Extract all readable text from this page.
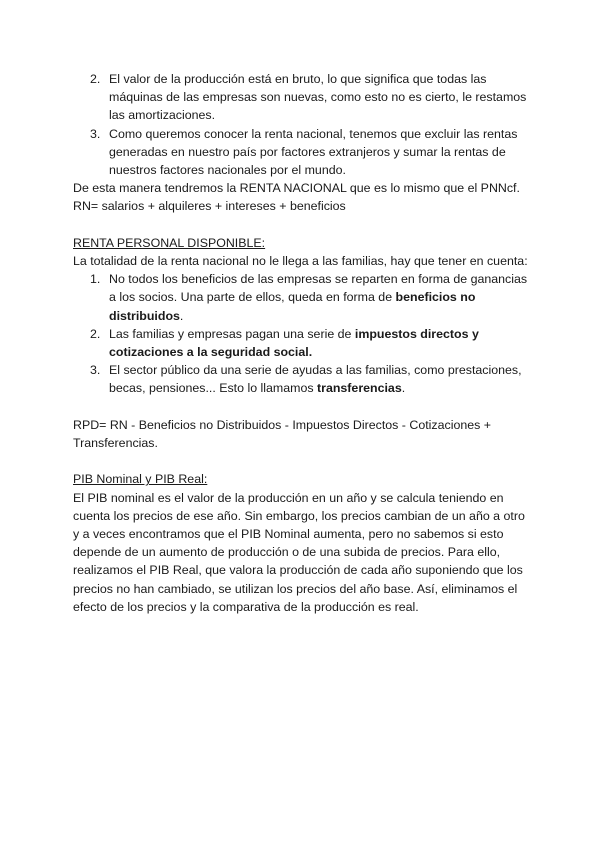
2. El valor de la producción está en bruto, lo que significa que todas las máquinas de las empresas son nuevas, como esto no es cierto, le restamos las amortizaciones.
3. Como queremos conocer la renta nacional, tenemos que excluir las rentas generadas en nuestro país por factores extranjeros y sumar la rentas de nuestros factores nacionales por el mundo.

De esta manera tendremos la RENTA NACIONAL que es lo mismo que el PNNcf.

RN= salarios + alquileres + intereses + beneficios

RENTA PERSONAL DISPONIBLE:

La totalidad de la renta nacional no le llega a las familias, hay que tener en cuenta:

1. No todos los beneficios de las empresas se reparten en forma de ganancias a los socios. Una parte de ellos, queda en forma de beneficios no distribuidos.
2. Las familias y empresas pagan una serie de impuestos directos y cotizaciones a la seguridad social.
3. El sector público da una serie de ayudas a las familias, como prestaciones, becas, pensiones... Esto lo llamamos transferencias.

RPD= RN - Beneficios no Distribuidos - Impuestos Directos - Cotizaciones + Transferencias.

PIB Nominal y PIB Real:

El PIB nominal es el valor de la producción en un año y se calcula teniendo en cuenta los precios de ese año. Sin embargo, los precios cambian de un año a otro y a veces encontramos que el PIB Nominal aumenta, pero no sabemos si esto depende de un aumento de producción o de una subida de precios. Para ello, realizamos el PIB Real, que valora la producción de cada año suponiendo que los precios no han cambiado, se utilizan los precios del año base. Así, eliminamos el efecto de los precios y la comparativa de la producción es real.
